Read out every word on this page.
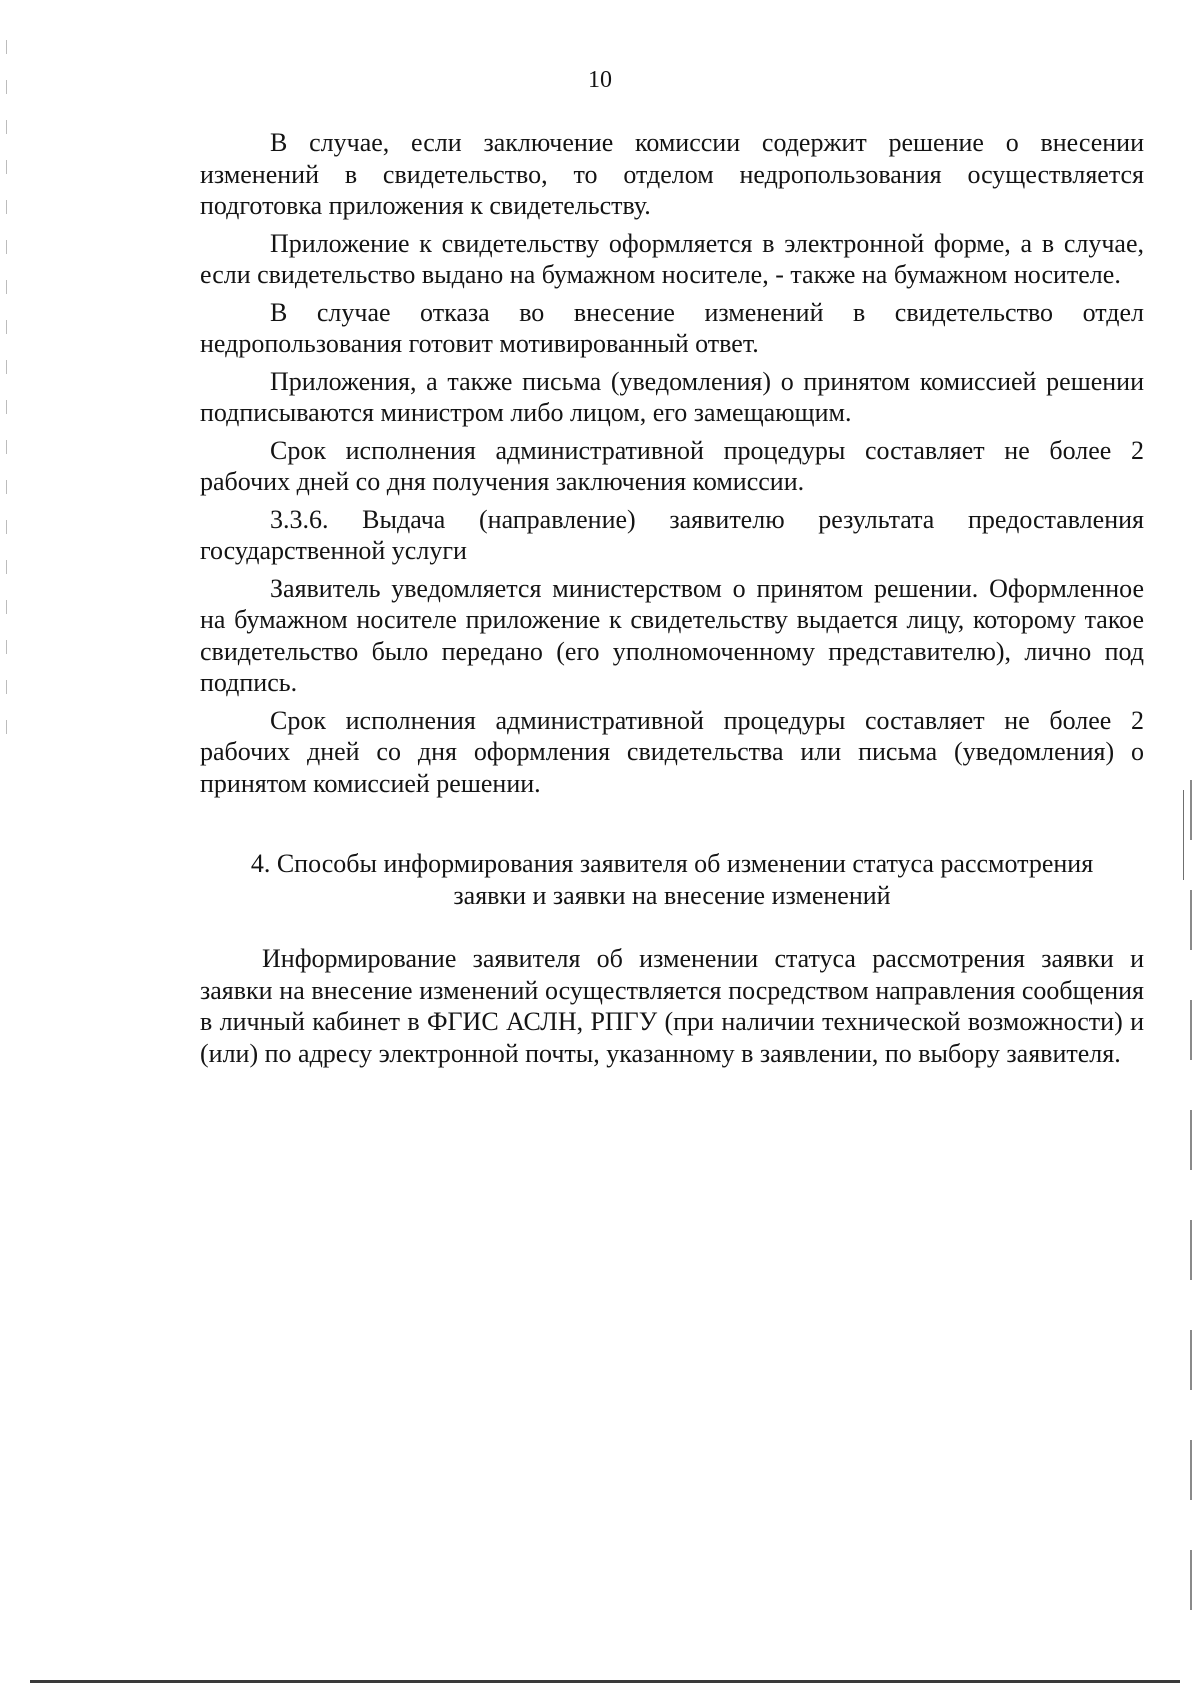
10

В случае, если заключение комиссии содержит решение о внесении изменений в свидетельство, то отделом недропользования осуществляется подготовка приложения к свидетельству.

Приложение к свидетельству оформляется в электронной форме, а в случае, если свидетельство выдано на бумажном носителе, - также на бумажном носителе.

В случае отказа во внесение изменений в свидетельство отдел недропользования готовит мотивированный ответ.

Приложения, а также письма (уведомления) о принятом комиссией решении подписываются министром либо лицом, его замещающим.

Срок исполнения административной процедуры составляет не более 2 рабочих дней со дня получения заключения комиссии.

3.3.6. Выдача (направление) заявителю результата предоставления государственной услуги

Заявитель уведомляется министерством о принятом решении. Оформленное на бумажном носителе приложение к свидетельству выдается лицу, которому такое свидетельство было передано (его уполномоченному представителю), лично под подпись.

Срок исполнения административной процедуры составляет не более 2 рабочих дней со дня оформления свидетельства или письма (уведомления) о принятом комиссией решении.

4. Способы информирования заявителя об изменении статуса рассмотрения
заявки и заявки на внесение изменений

Информирование заявителя об изменении статуса рассмотрения заявки и заявки на внесение изменений осуществляется посредством направления сообщения в личный кабинет в ФГИС АСЛН, РПГУ (при наличии технической возможности) и (или) по адресу электронной почты, указанному в заявлении, по выбору заявителя.
